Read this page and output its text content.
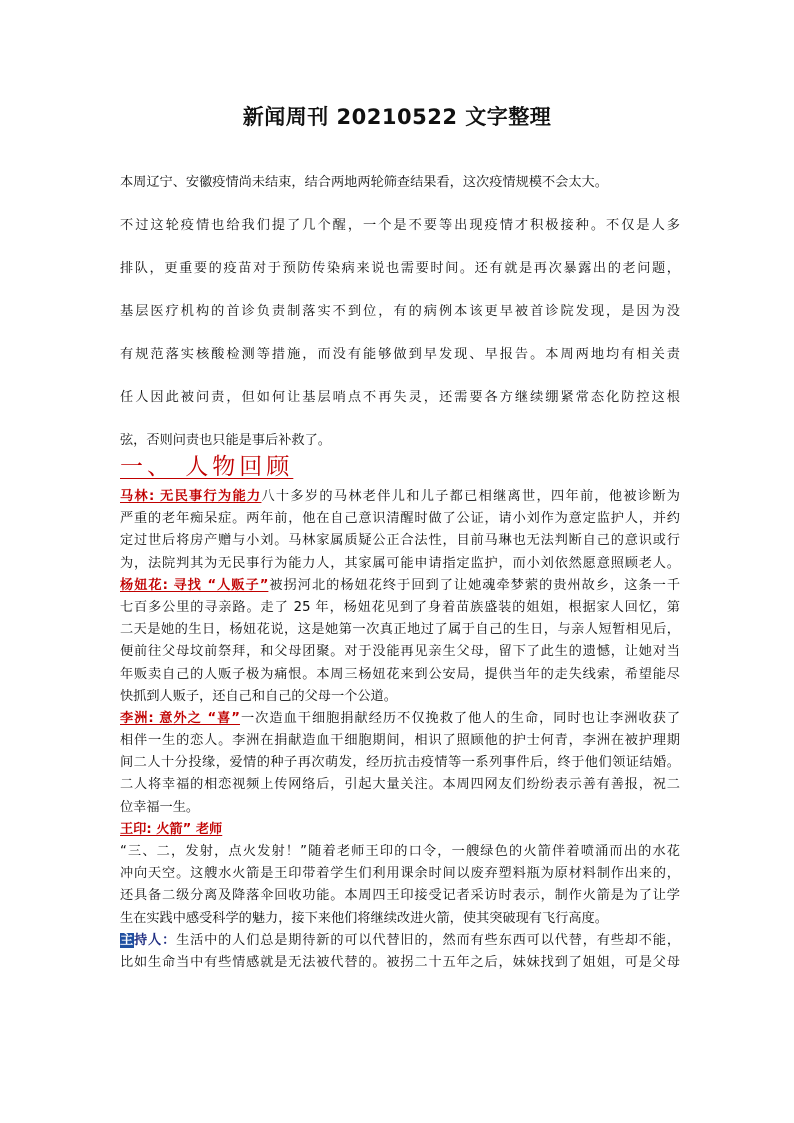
新闻周刊 20210522 文字整理
本周辽宁、安徽疫情尚未结束，结合两地两轮筛查结果看，这次疫情规模不会太大。
不过这轮疫情也给我们提了几个醒，一个是不要等出现疫情才积极接种。不仅是人多
排队，更重要的疫苗对于预防传染病来说也需要时间。还有就是再次暴露出的老问题，
基层医疗机构的首诊负责制落实不到位，有的病例本该更早被首诊院发现，是因为没
有规范落实核酸检测等措施，而没有能够做到早发现、早报告。本周两地均有相关责
任人因此被问责，但如何让基层哨点不再失灵，还需要各方继续绷紧常态化防控这根
弦，否则问责也只能是事后补救了。
一、 人物回顾
马林: 无民事行为能力八十多岁的马林老伴儿和儿子都已相继离世，四年前，他被诊断为
严重的老年痴呆症。两年前，他在自己意识清醒时做了公证，请小刘作为意定监护人，并约
定过世后将房产赠与小刘。马林家属质疑公正合法性，目前马琳也无法判断自己的意识或行
为，法院判其为无民事行为能力人，其家属可能申请指定监护，而小刘依然愿意照顾老人。
杨妞花: 寻找 “人贩子”被拐河北的杨妞花终于回到了让她魂牵梦萦的贵州故乡，这条一千
七百多公里的寻亲路。走了 25 年，杨妞花见到了身着苗族盛装的姐姐，根据家人回忆，第
二天是她的生日，杨妞花说，这是她第一次真正地过了属于自己的生日，与亲人短暂相见后，
便前往父母坟前祭拜，和父母团聚。对于没能再见亲生父母，留下了此生的遗憾，让她对当
年贩卖自己的人贩子极为痛恨。本周三杨妞花来到公安局，提供当年的走失线索，希望能尽
快抓到人贩子，还自己和自己的父母一个公道。
李洲: 意外之 “喜”一次造血干细胞捐献经历不仅挽救了他人的生命，同时也让李洲收获了
相伴一生的恋人。李洲在捐献造血干细胞期间，相识了照顾他的护士何青，李洲在被护理期
间二人十分投缘，爱情的种子再次萌发，经历抗击疫情等一系列事件后，终于他们领证结婚。
二人将幸福的相恋视频上传网络后，引起大量关注。本周四网友们纷纷表示善有善报，祝二
位幸福一生。
王印: 火箭” 老师
“三、二，发射，点火发射！”随着老师王印的口令，一艘绿色的火箭伴着喷涌而出的水花
冲向天空。这艘水火箭是王印带着学生们利用课余时间以废弃塑料瓶为原材料制作出来的，
还具备二级分离及降落伞回收功能。本周四王印接受记者采访时表示，制作火箭是为了让学
生在实践中感受科学的魅力，接下来他们将继续改进火箭，使其突破现有飞行高度。
主持人：生活中的人们总是期待新的可以代替旧的，然而有些东西可以代替，有些却不能，
比如生命当中有些情感就是无法被代替的。被拐二十五年之后，妹妹找到了姐姐，可是父母
